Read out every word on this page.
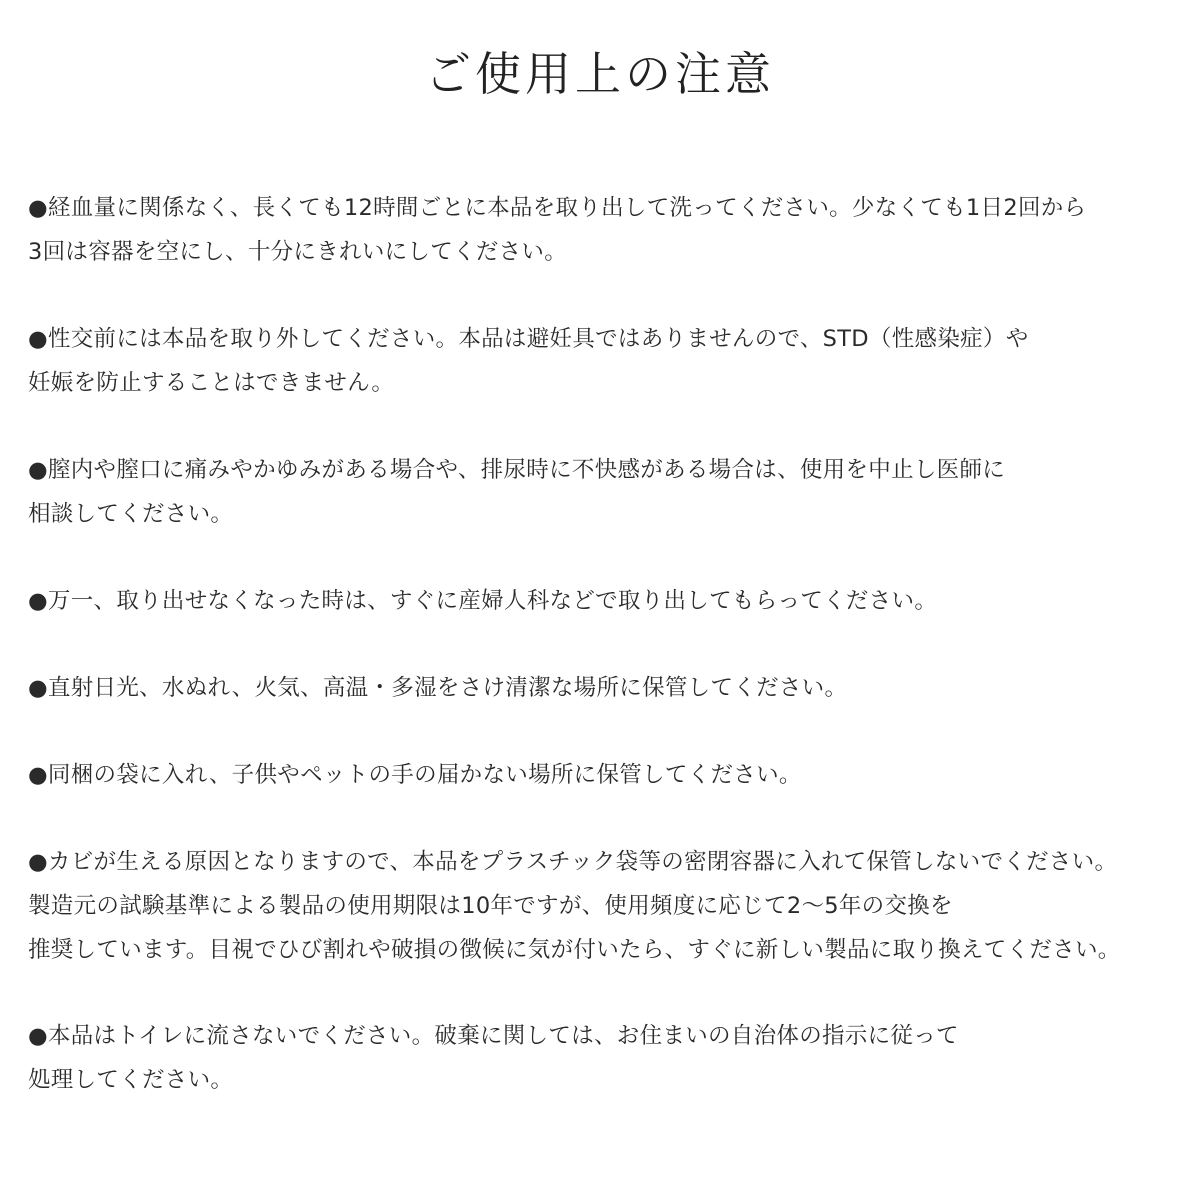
ご使用上の注意
●経血量に関係なく、長くても12時間ごとに本品を取り出して洗ってください。少なくても1日2回から
3回は容器を空にし、十分にきれいにしてください。
●性交前には本品を取り外してください。本品は避妊具ではありませんので、STD（性感染症）や
妊娠を防止することはできません。
●膣内や膣口に痛みやかゆみがある場合や、排尿時に不快感がある場合は、使用を中止し医師に
相談してください。
●万一、取り出せなくなった時は、すぐに産婦人科などで取り出してもらってください。
●直射日光、水ぬれ、火気、高温・多湿をさけ清潔な場所に保管してください。
●同梱の袋に入れ、子供やペットの手の届かない場所に保管してください。
●カビが生える原因となりますので、本品をプラスチック袋等の密閉容器に入れて保管しないでください。
製造元の試験基準による製品の使用期限は10年ですが、使用頻度に応じて2〜5年の交換を
推奨しています。目視でひび割れや破損の徴候に気が付いたら、すぐに新しい製品に取り換えてください。
●本品はトイレに流さないでください。破棄に関しては、お住まいの自治体の指示に従って
処理してください。
